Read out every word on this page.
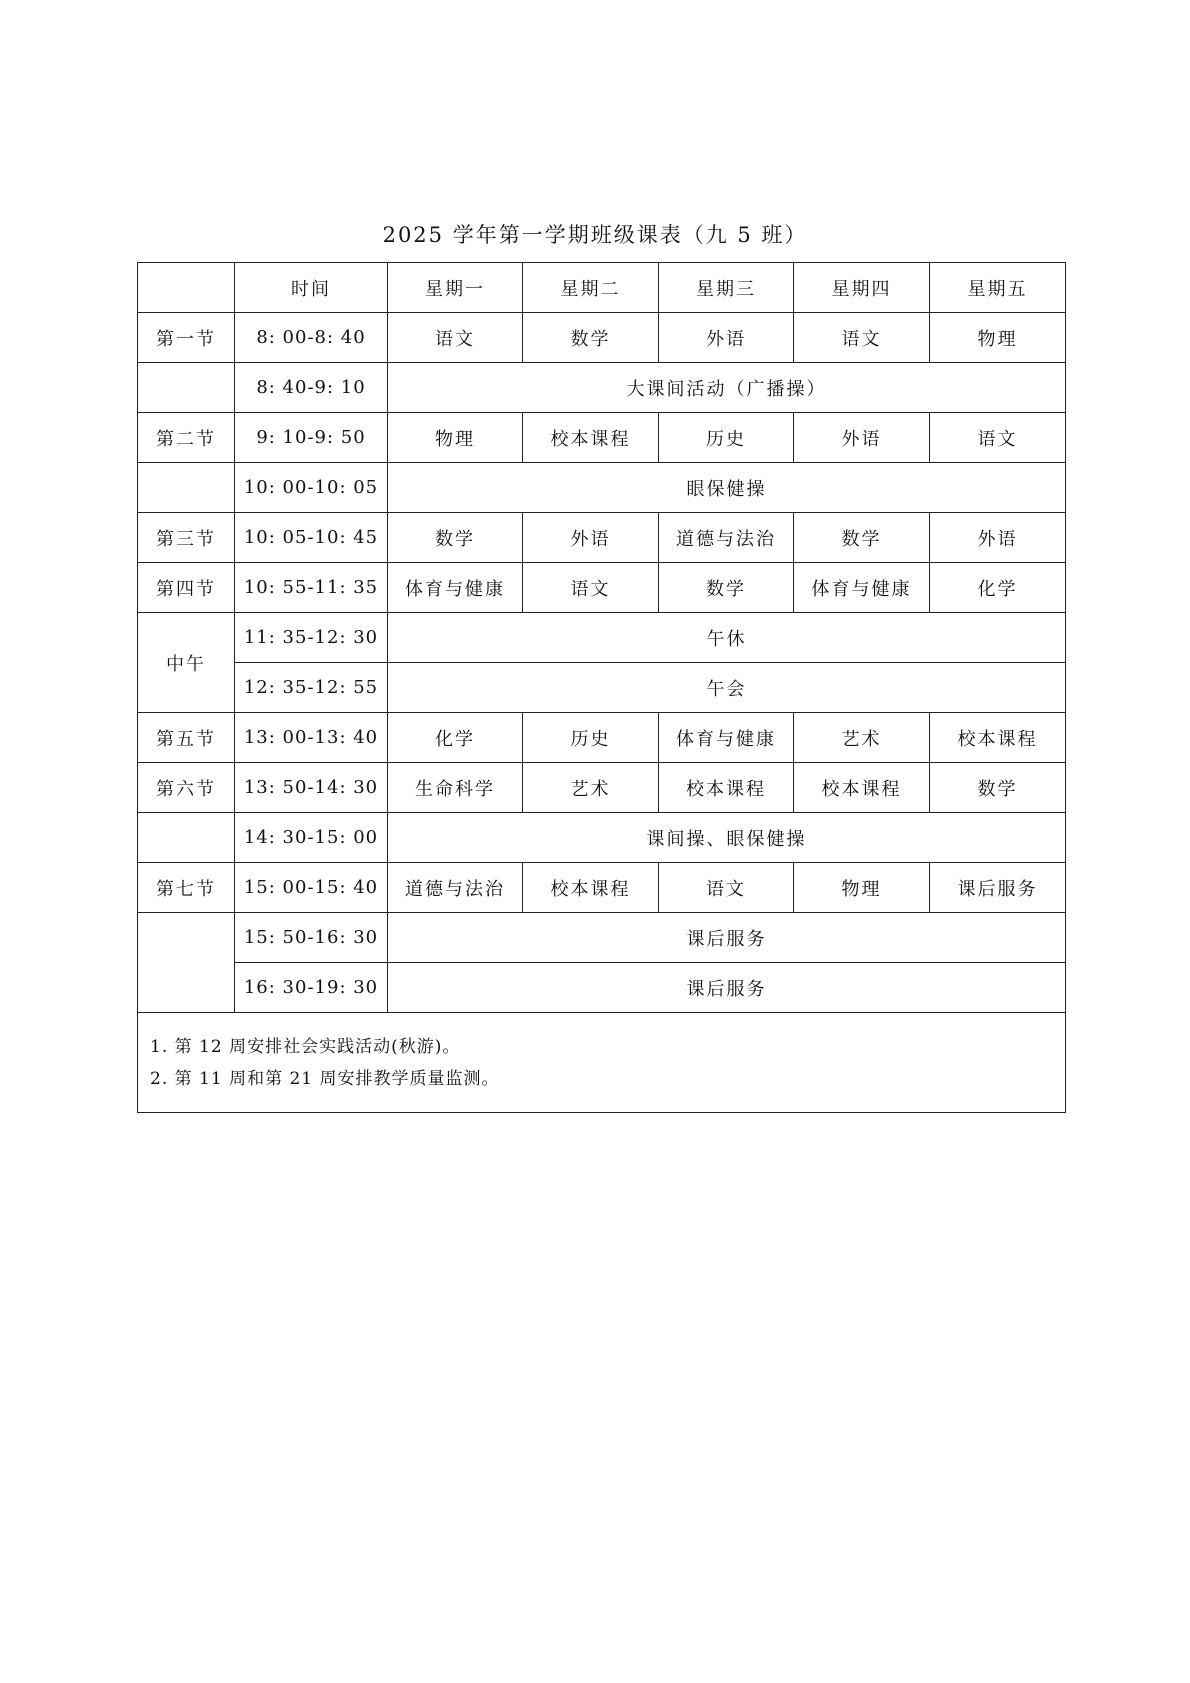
2025 学年第一学期班级课表（九 5 班）
	时间	星期一	星期二	星期三	星期四	星期五
第一节	8: 00-8: 40	语文	数学	外语	语文	物理
	8: 40-9: 10	大课间活动（广播操）				
第二节	9: 10-9: 50	物理	校本课程	历史	外语	语文
	10: 00-10: 05	眼保健操				
第三节	10: 05-10: 45	数学	外语	道德与法治	数学	外语
第四节	10: 55-11: 35	体育与健康	语文	数学	体育与健康	化学
中午	11: 35-12: 30	午休				
	12: 35-12: 55	午会				
第五节	13: 00-13: 40	化学	历史	体育与健康	艺术	校本课程
第六节	13: 50-14: 30	生命科学	艺术	校本课程	校本课程	数学
	14: 30-15: 00	课间操、眼保健操				
第七节	15: 00-15: 40	道德与法治	校本课程	语文	物理	课后服务
	15: 50-16: 30	课后服务				
	16: 30-19: 30	课后服务				

1. 第 12 周安排社会实践活动(秋游)。
2. 第 11 周和第 21 周安排教学质量监测。						
